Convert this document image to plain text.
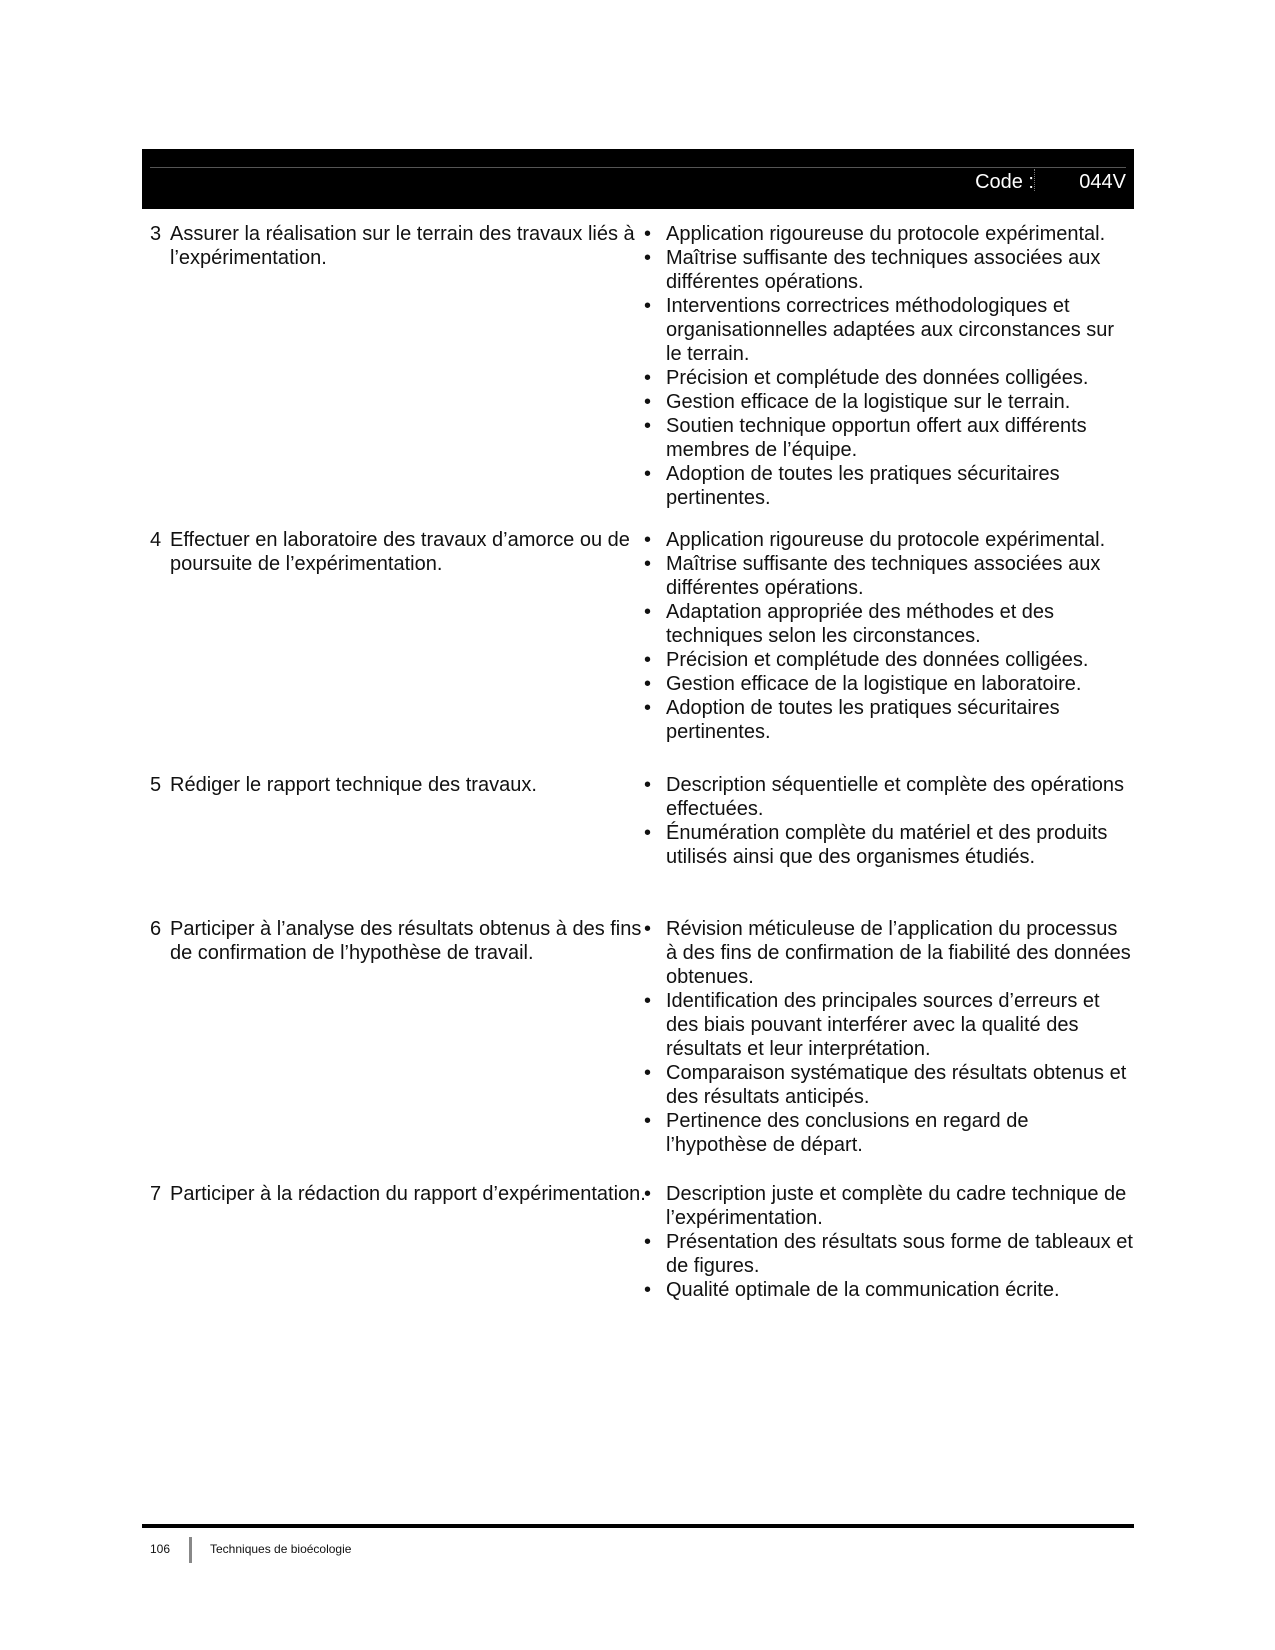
Code : 044V
3 Assurer la réalisation sur le terrain des travaux liés à l’expérimentation.
• Application rigoureuse du protocole expérimental.
• Maîtrise suffisante des techniques associées aux différentes opérations.
• Interventions correctrices méthodologiques et organisationnelles adaptées aux circonstances sur le terrain.
• Précision et complétude des données colligées.
• Gestion efficace de la logistique sur le terrain.
• Soutien technique opportun offert aux différents membres de l’équipe.
• Adoption de toutes les pratiques sécuritaires pertinentes.
4 Effectuer en laboratoire des travaux d’amorce ou de poursuite de l’expérimentation.
• Application rigoureuse du protocole expérimental.
• Maîtrise suffisante des techniques associées aux différentes opérations.
• Adaptation appropriée des méthodes et des techniques selon les circonstances.
• Précision et complétude des données colligées.
• Gestion efficace de la logistique en laboratoire.
• Adoption de toutes les pratiques sécuritaires pertinentes.
5 Rédiger le rapport technique des travaux.	• Description séquentielle et complète des opérations effectuées.
• Énumération complète du matériel et des produits utilisés ainsi que des organismes étudiés.
6 Participer à l’analyse des résultats obtenus à des fins de confirmation de l’hypothèse de travail.
• Révision méticuleuse de l’application du processus à des fins de confirmation de la fiabilité des données obtenues.
• Identification des principales sources d’erreurs et des biais pouvant interférer avec la qualité des résultats et leur interprétation.
• Comparaison systématique des résultats obtenus et des résultats anticipés.
• Pertinence des conclusions en regard de l’hypothèse de départ.
7 Participer à la rédaction du rapport d’expérimentation.	• Description juste et complète du cadre technique de l’expérimentation.
• Présentation des résultats sous forme de tableaux et de figures.
• Qualité optimale de la communication écrite.
106	Techniques de bioécologie
